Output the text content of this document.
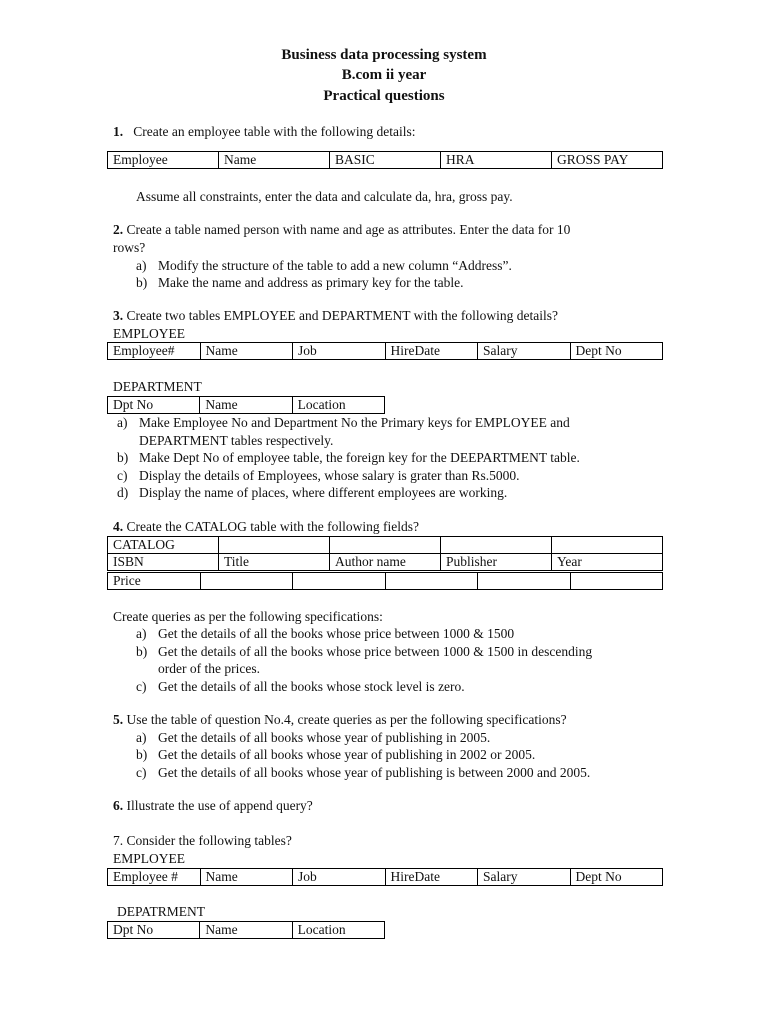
Business data processing system
B.com ii year
Practical questions
1. Create an employee table with the following details:
Employee	Name	BASIC	HRA	GROSS PAY
Assume all constraints, enter the data and calculate da, hra, gross pay.
2. Create a table named person with name and age as attributes. Enter the data for 10
rows?
a) Modify the structure of the table to add a new column “Address”.
b) Make the name and address as primary key for the table.
3. Create two tables EMPLOYEE and DEPARTMENT with the following details?
EMPLOYEE
Employee#	Name	Job	HireDate	Salary	Dept No
DEPARTMENT
Dpt No	Name	Location
a) Make Employee No and Department No the Primary keys for EMPLOYEE and
DEPARTMENT tables respectively.
b) Make Dept No of employee table, the foreign key for the DEEPARTMENT table.
c) Display the details of Employees, whose salary is grater than Rs.5000.
d) Display the name of places, where different employees are working.
4. Create the CATALOG table with the following fields?
CATALOG				
ISBN	Title	Author name	Publisher	Year
Price					
Create queries as per the following specifications:
a) Get the details of all the books whose price between 1000 & 1500
b) Get the details of all the books whose price between 1000 & 1500 in descending
order of the prices.
c) Get the details of all the books whose stock level is zero.
5. Use the table of question No.4, create queries as per the following specifications?
a) Get the details of all books whose year of publishing in 2005.
b) Get the details of all books whose year of publishing in 2002 or 2005.
c) Get the details of all books whose year of publishing is between 2000 and 2005.
6. Illustrate the use of append query?
7. Consider the following tables?
EMPLOYEE
Employee #	Name	Job	HireDate	Salary	Dept No
DEPATRMENT
Dpt No	Name	Location
